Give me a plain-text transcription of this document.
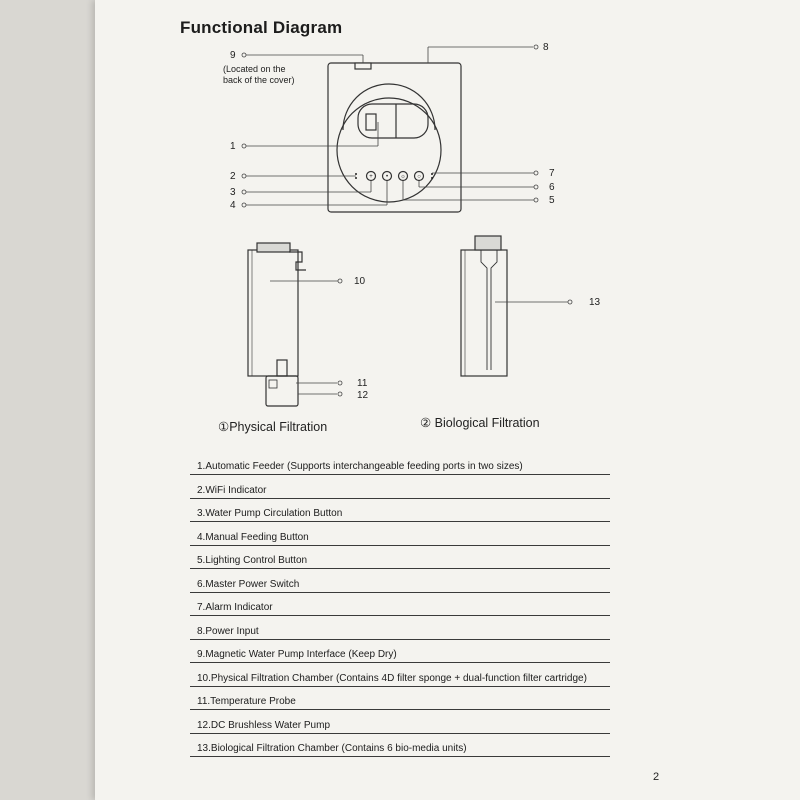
Functional Diagram
+ • ☼ ○
9
(Located on the
back of the cover)
8
1
2
3
4
7
6
5
10
11
12
13
①Physical Filtration	② Biological Filtration
1.Automatic Feeder (Supports interchangeable feeding ports in two sizes)
2.WiFi Indicator
3.Water Pump Circulation Button
4.Manual Feeding Button
5.Lighting Control Button
6.Master Power Switch
7.Alarm Indicator
8.Power Input
9.Magnetic Water Pump Interface (Keep Dry)
10.Physical Filtration Chamber (Contains 4D filter sponge + dual-function filter cartridge)
11.Temperature Probe
12.DC Brushless Water Pump
13.Biological Filtration Chamber (Contains 6 bio-media units)
2
